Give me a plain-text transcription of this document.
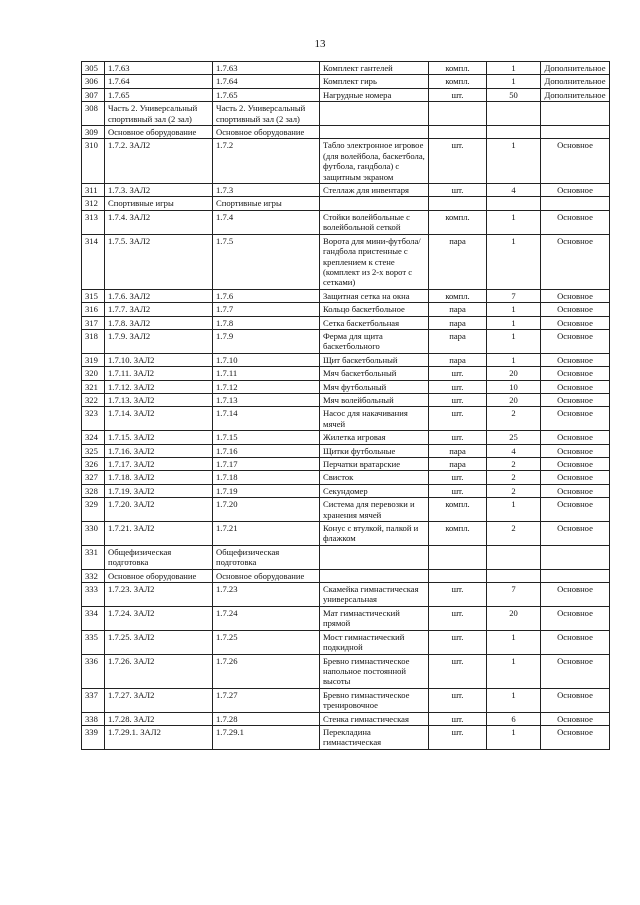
13
305	1.7.63	1.7.63	Комплект гантелей	компл.	1	Дополнительное
306	1.7.64	1.7.64	Комплект гирь	компл.	1	Дополнительное
307	1.7.65	1.7.65	Нагрудные номера	шт.	50	Дополнительное
308	Часть 2. Универсальный спортивный зал (2 зал)	Часть 2. Универсальный спортивный зал (2 зал)				
309	Основное оборудование	Основное оборудование				
310	1.7.2. ЗАЛ2	1.7.2	Табло электронное игровое (для волейбола, баскетбола, футбола, гандбола) с защитным экраном	шт.	1	Основное
311	1.7.3. ЗАЛ2	1.7.3	Стеллаж для инвентаря	шт.	4	Основное
312	Спортивные игры	Спортивные игры				
313	1.7.4. ЗАЛ2	1.7.4	Стойки волейбольные с волейбольной сеткой	компл.	1	Основное
314	1.7.5. ЗАЛ2	1.7.5	Ворота для мини-футбола/гандбола пристенные с креплением к стене (комплект из 2-х ворот с сетками)	пара	1	Основное
315	1.7.6. ЗАЛ2	1.7.6	Защитная сетка на окна	компл.	7	Основное
316	1.7.7. ЗАЛ2	1.7.7	Кольцо баскетбольное	пара	1	Основное
317	1.7.8. ЗАЛ2	1.7.8	Сетка баскетбольная	пара	1	Основное
318	1.7.9. ЗАЛ2	1.7.9	Ферма для щита баскетбольного	пара	1	Основное
319	1.7.10. ЗАЛ2	1.7.10	Щит баскетбольный	пара	1	Основное
320	1.7.11. ЗАЛ2	1.7.11	Мяч баскетбольный	шт.	20	Основное
321	1.7.12. ЗАЛ2	1.7.12	Мяч футбольный	шт.	10	Основное
322	1.7.13. ЗАЛ2	1.7.13	Мяч волейбольный	шт.	20	Основное
323	1.7.14. ЗАЛ2	1.7.14	Насос для накачивания мячей	шт.	2	Основное
324	1.7.15. ЗАЛ2	1.7.15	Жилетка игровая	шт.	25	Основное
325	1.7.16. ЗАЛ2	1.7.16	Щитки футбольные	пара	4	Основное
326	1.7.17. ЗАЛ2	1.7.17	Перчатки вратарские	пара	2	Основное
327	1.7.18. ЗАЛ2	1.7.18	Свисток	шт.	2	Основное
328	1.7.19. ЗАЛ2	1.7.19	Секундомер	шт.	2	Основное
329	1.7.20. ЗАЛ2	1.7.20	Система для перевозки и хранения мячей	компл.	1	Основное
330	1.7.21. ЗАЛ2	1.7.21	Конус с втулкой, палкой и флажком	компл.	2	Основное
331	Общефизическая подготовка	Общефизическая подготовка				
332	Основное оборудование	Основное оборудование				
333	1.7.23. ЗАЛ2	1.7.23	Скамейка гимнастическая универсальная	шт.	7	Основное
334	1.7.24. ЗАЛ2	1.7.24	Мат гимнастический прямой	шт.	20	Основное
335	1.7.25. ЗАЛ2	1.7.25	Мост гимнастический подкидной	шт.	1	Основное
336	1.7.26. ЗАЛ2	1.7.26	Бревно гимнастическое напольное постоянной высоты	шт.	1	Основное
337	1.7.27. ЗАЛ2	1.7.27	Бревно гимнастическое тренировочное	шт.	1	Основное
338	1.7.28. ЗАЛ2	1.7.28	Стенка гимнастическая	шт.	6	Основное
339	1.7.29.1. ЗАЛ2	1.7.29.1	Перекладина гимнастическая	шт.	1	Основное
